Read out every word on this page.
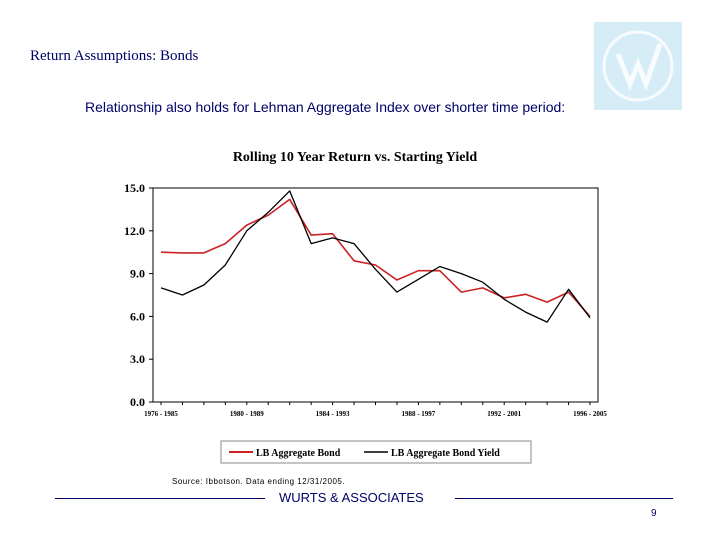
Return Assumptions: Bonds
Relationship also holds for Lehman Aggregate Index over shorter time period:
Rolling 10 Year Return vs. Starting Yield
15.0
12.0
9.0
6.0
3.0
0.0
1976 - 1985	1980 - 1989	1984 - 1993	1988 - 1997	1992 - 2001	1996 - 2005
LB Aggregate Bond	LB Aggregate Bond Yield
Source: Ibbotson. Data ending 12/31/2005.
WURTS & ASSOCIATES
9
